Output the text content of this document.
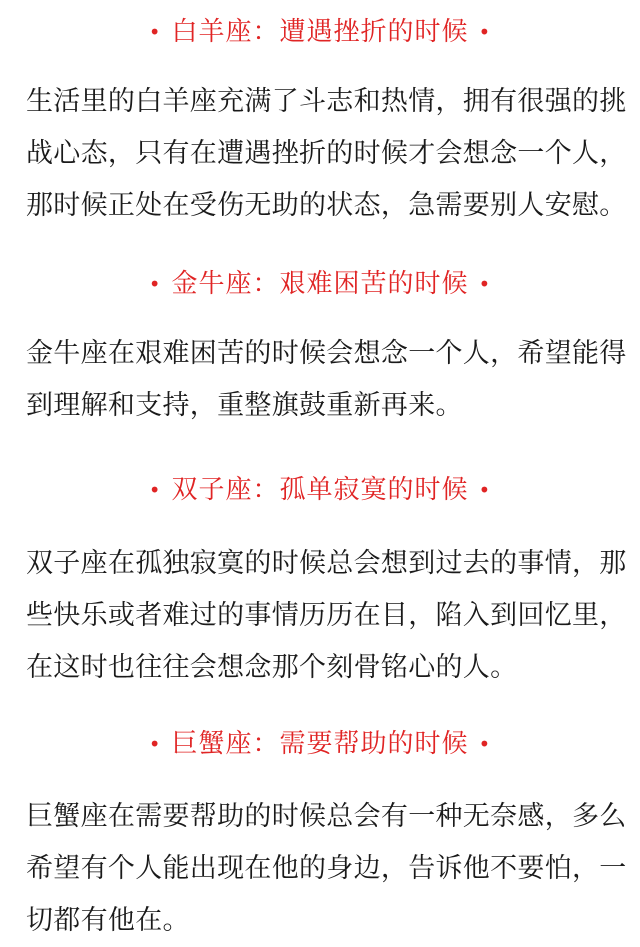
• 白羊座：遭遇挫折的时候 •
生活里的白羊座充满了斗志和热情，拥有很强的挑
战心态，只有在遭遇挫折的时候才会想念一个人，
那时候正处在受伤无助的状态，急需要别人安慰。
• 金牛座：艰难困苦的时候 •
金牛座在艰难困苦的时候会想念一个人，希望能得
到理解和支持，重整旗鼓重新再来。
• 双子座：孤单寂寞的时候 •
双子座在孤独寂寞的时候总会想到过去的事情，那
些快乐或者难过的事情历历在目，陷入到回忆里，
在这时也往往会想念那个刻骨铭心的人。
• 巨蟹座：需要帮助的时候 •
巨蟹座在需要帮助的时候总会有一种无奈感，多么
希望有个人能出现在他的身边，告诉他不要怕，一
切都有他在。
